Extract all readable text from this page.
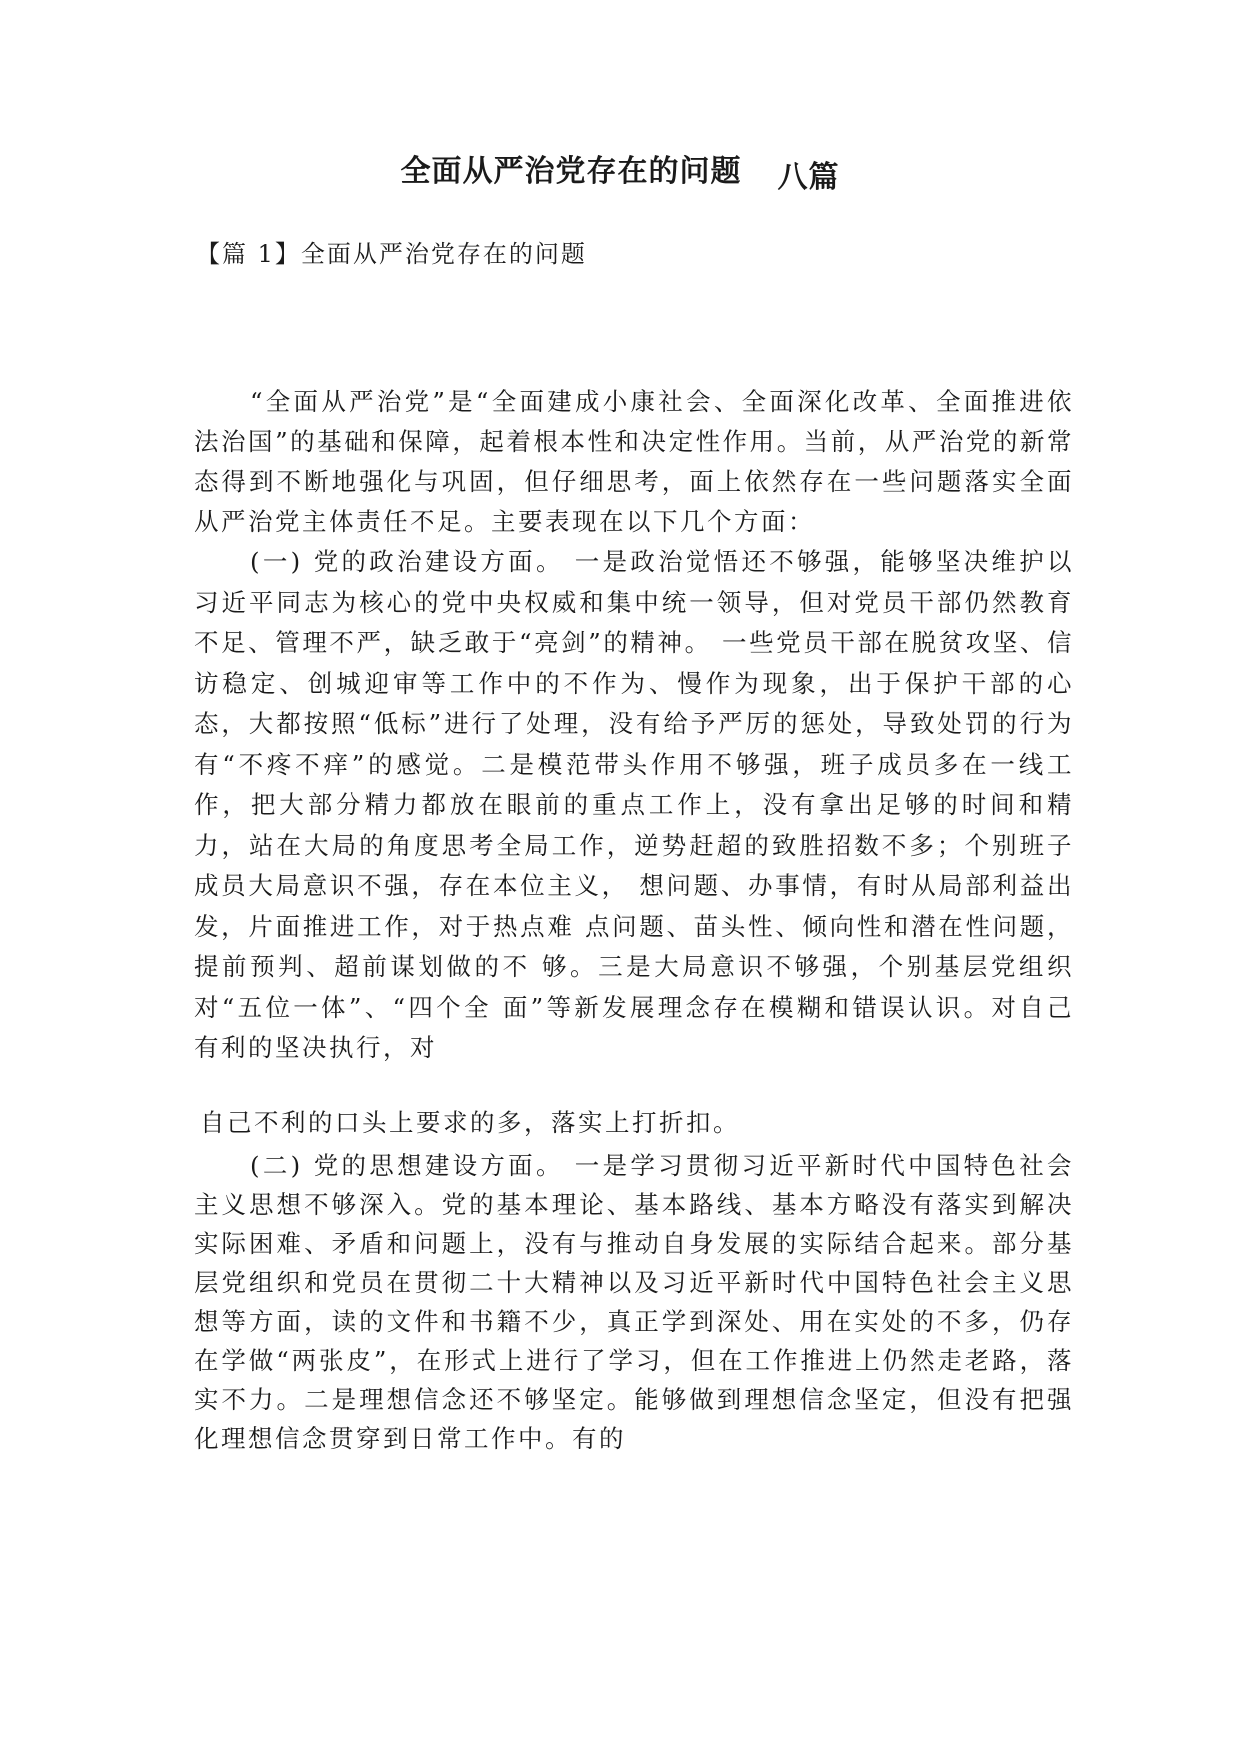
全面从严治党存在的问题 八篇
【篇 1】全面从严治党存在的问题
“全面从严治党”是“全面建成小康社会、全面深化改革、全面推进依法治国”的基础和保障，起着根本性和决定性作用。当前，从严治党的新常态得到不断地强化与巩固，但仔细思考，面上依然存在一些问题落实全面从严治党主体责任不足。主要表现在以下几个方面：
(一) 党的政治建设方面。 一是政治觉悟还不够强，能够坚决维护以习近平同志为核心的党中央权威和集中统一领导，但对党员干部仍然教育不足、管理不严，缺乏敢于“亮剑”的精神。 一些党员干部在脱贫攻坚、信访稳定、创城迎审等工作中的不作为、慢作为现象，出于保护干部的心态，大都按照“低标”进行了处理，没有给予严厉的惩处，导致处罚的行为有“不疼不痒”的感觉。二是模范带头作用不够强，班子成员多在一线工作，把大部分精力都放在眼前的重点工作上，没有拿出足够的时间和精力，站在大局的角度思考全局工作，逆势赶超的致胜招数不多；个别班子成员大局意识不强，存在本位主义， 想问题、办事情，有时从局部利益出发，片面推进工作，对于热点难 点问题、苗头性、倾向性和潜在性问题，提前预判、超前谋划做的不 够。三是大局意识不够强，个别基层党组织对“五位一体”、“四个全 面”等新发展理念存在模糊和错误认识。对自己有利的坚决执行，对
自己不利的口头上要求的多，落实上打折扣。
(二) 党的思想建设方面。 一是学习贯彻习近平新时代中国特色社会主义思想不够深入。党的基本理论、基本路线、基本方略没有落实到解决实际困难、矛盾和问题上，没有与推动自身发展的实际结合起来。部分基层党组织和党员在贯彻二十大精神以及习近平新时代中国特色社会主义思想等方面，读的文件和书籍不少，真正学到深处、用在实处的不多，仍存在学做“两张皮”，在形式上进行了学习，但在工作推进上仍然走老路，落实不力。二是理想信念还不够坚定。能够做到理想信念坚定，但没有把强化理想信念贯穿到日常工作中。有的
